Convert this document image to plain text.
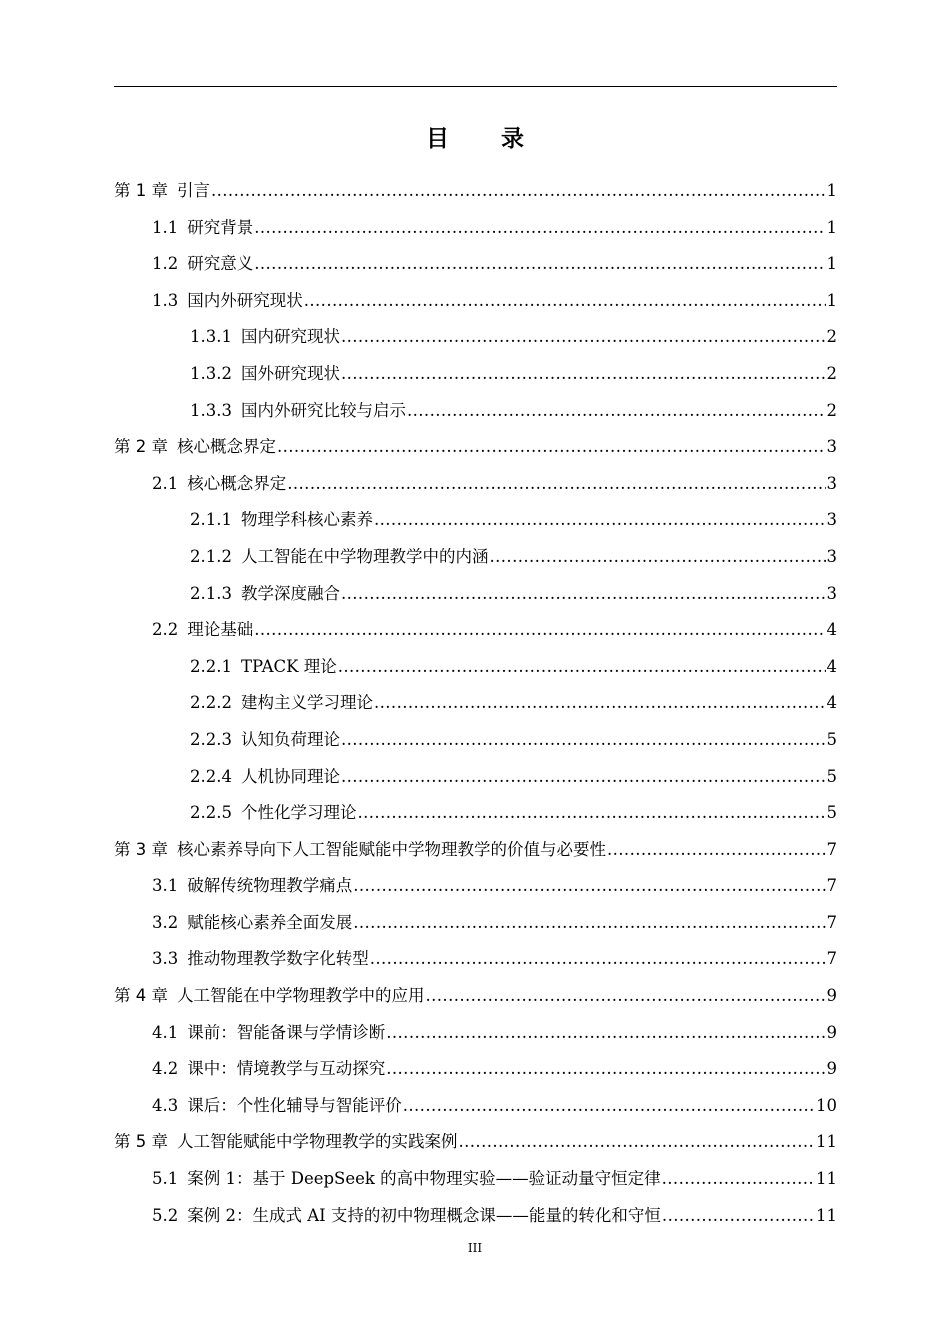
目 录
第 1 章 引言 .....	1
1.1 研究背景 .....	1
1.2 研究意义 .....	1
1.3 国内外研究现状 .....	1
1.3.1 国内研究现状 .....	2
1.3.2 国外研究现状 .....	2
1.3.3 国内外研究比较与启示 .....	2
第 2 章 核心概念界定 .....	3
2.1 核心概念界定 .....	3
2.1.1 物理学科核心素养 .....	3
2.1.2 人工智能在中学物理教学中的内涵 .....	3
2.1.3 教学深度融合 .....	3
2.2 理论基础 .....	4
2.2.1 TPACK 理论 .....	4
2.2.2 建构主义学习理论 .....	4
2.2.3 认知负荷理论 .....	5
2.2.4 人机协同理论 .....	5
2.2.5 个性化学习理论 .....	5
第 3 章 核心素养导向下人工智能赋能中学物理教学的价值与必要性 .....	7
3.1 破解传统物理教学痛点 .....	7
3.2 赋能核心素养全面发展 .....	7
3.3 推动物理教学数字化转型 .....	7
第 4 章 人工智能在中学物理教学中的应用 .....	9
4.1 课前：智能备课与学情诊断 .....	9
4.2 课中：情境教学与互动探究 .....	9
4.3 课后：个性化辅导与智能评价 .....	10
第 5 章 人工智能赋能中学物理教学的实践案例 .....	11
5.1 案例 1：基于 DeepSeek 的高中物理实验——验证动量守恒定律 .....	11
5.2 案例 2：生成式 AI 支持的初中物理概念课——能量的转化和守恒 .....	11
III
